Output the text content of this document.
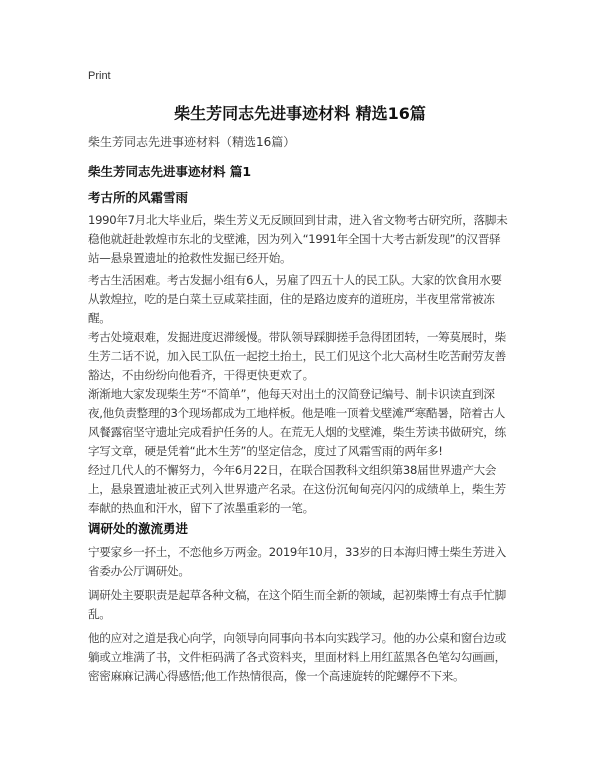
Print
柴生芳同志先进事迹材料 精选16篇
柴生芳同志先进事迹材料（精选16篇）
柴生芳同志先进事迹材料 篇1
考古所的风霜雪雨
1990年7月北大毕业后，柴生芳义无反顾回到甘肃，进入省文物考古研究所，落脚未稳他就赶赴敦煌市东北的戈壁滩，因为列入“1991年全国十大考古新发现”的汉晋驿站—悬泉置遗址的抢救性发掘已经开始。
考古生活困难。考古发掘小组有6人，另雇了四五十人的民工队。大家的饮食用水要从敦煌拉，吃的是白菜土豆咸菜挂面，住的是路边废弃的道班房，半夜里常常被冻醒。
考古处境艰难，发掘进度迟滞缓慢。带队领导踩脚搓手急得团团转，一筹莫展时，柴生芳二话不说，加入民工队伍一起挖土抬土，民工们见这个北大高材生吃苦耐劳友善豁达，不由纷纷向他看齐，干得更快更欢了。
渐渐地大家发现柴生芳“不简单”，他每天对出土的汉简登记编号、制卡识读直到深夜,他负责整理的3个现场都成为工地样板。他是唯一顶着戈壁滩严寒酷暑，陪着古人风餐露宿坚守遗址完成看护任务的人。在荒无人烟的戈壁滩，柴生芳读书做研究，练字写文章，硬是凭着“此木生芳”的坚定信念，度过了风霜雪雨的两年多!
经过几代人的不懈努力，今年6月22日，在联合国教科文组织第38届世界遗产大会上，悬泉置遗址被正式列入世界遗产名录。在这份沉甸甸亮闪闪的成绩单上，柴生芳奉献的热血和汗水，留下了浓墨重彩的一笔。
调研处的激流勇进
宁要家乡一抔土，不恋他乡万两金。2019年10月，33岁的日本海归博士柴生芳进入省委办公厅调研处。
调研处主要职责是起草各种文稿，在这个陌生而全新的领域，起初柴博士有点手忙脚乱。
他的应对之道是我心向学，向领导向同事向书本向实践学习。他的办公桌和窗台边或躺或立堆满了书，文件柜码满了各式资料夹，里面材料上用红蓝黑各色笔勾勾画画，密密麻麻记满心得感悟;他工作热情很高，像一个高速旋转的陀螺停不下来。
